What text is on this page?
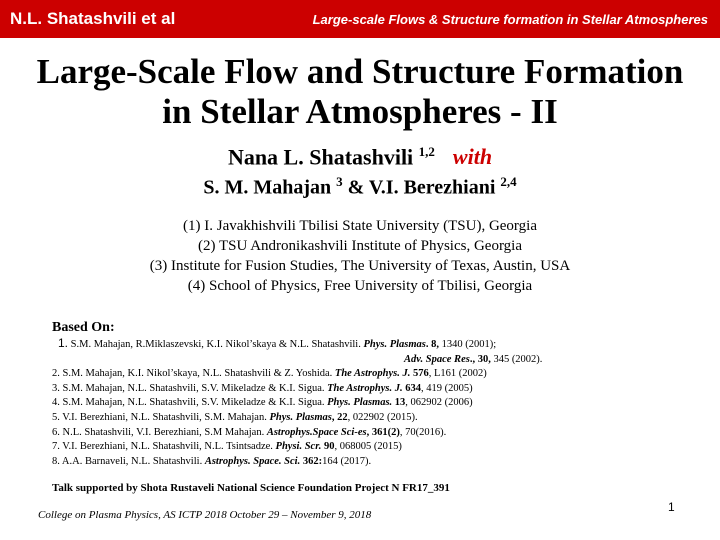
N.L. Shatashvili et al	Large-scale Flows & Structure formation in Stellar Atmospheres
Large-Scale Flow and Structure Formation
in Stellar Atmospheres - II
Nana L. Shatashvili $^{1,2}$ with
S. M. Mahajan $^3$ & V.I. Berezhiani $^{2,4}$
(1) I. Javakhishvili Tbilisi State University (TSU), Georgia
(2) TSU Andronikashvili Institute of Physics, Georgia
(3) Institute for Fusion Studies, The University of Texas, Austin, USA
(4) School of Physics, Free University of Tbilisi, Georgia
Based On:
1. S.M. Mahajan, R.Miklaszevski, K.I. Nikol’skaya & N.L. Shatashvili. Phys. Plasmas. 8, 1340 (2001);
Adv. Space Res., 30, 345 (2002).
2. S.M. Mahajan, K.I. Nikol’skaya, N.L. Shatashvili & Z. Yoshida. The Astrophys. J. 576, L161 (2002)
3. S.M. Mahajan, N.L. Shatashvili, S.V. Mikeladze & K.I. Sigua. The Astrophys. J. 634, 419 (2005)
4. S.M. Mahajan, N.L. Shatashvili, S.V. Mikeladze & K.I. Sigua. Phys. Plasmas. 13, 062902 (2006)
5. V.I. Berezhiani, N.L. Shatashvili, S.M. Mahajan. Phys. Plasmas, 22, 022902 (2015).
6. N.L. Shatashvili, V.I. Berezhiani, S.M Mahajan. Astrophys.Space Sci-es, 361(2), 70(2016).
7. V.I. Berezhiani, N.L. Shatashvili, N.L. Tsintsadze. Physi. Scr. 90, 068005 (2015)
8. A.A. Barnaveli, N.L. Shatashvili. Astrophys. Space. Sci. 362:164 (2017).
Talk supported by Shota Rustaveli National Science Foundation Project N FR17_391
1
College on Plasma Physics, AS ICTP 2018 October 29 – November 9, 2018
